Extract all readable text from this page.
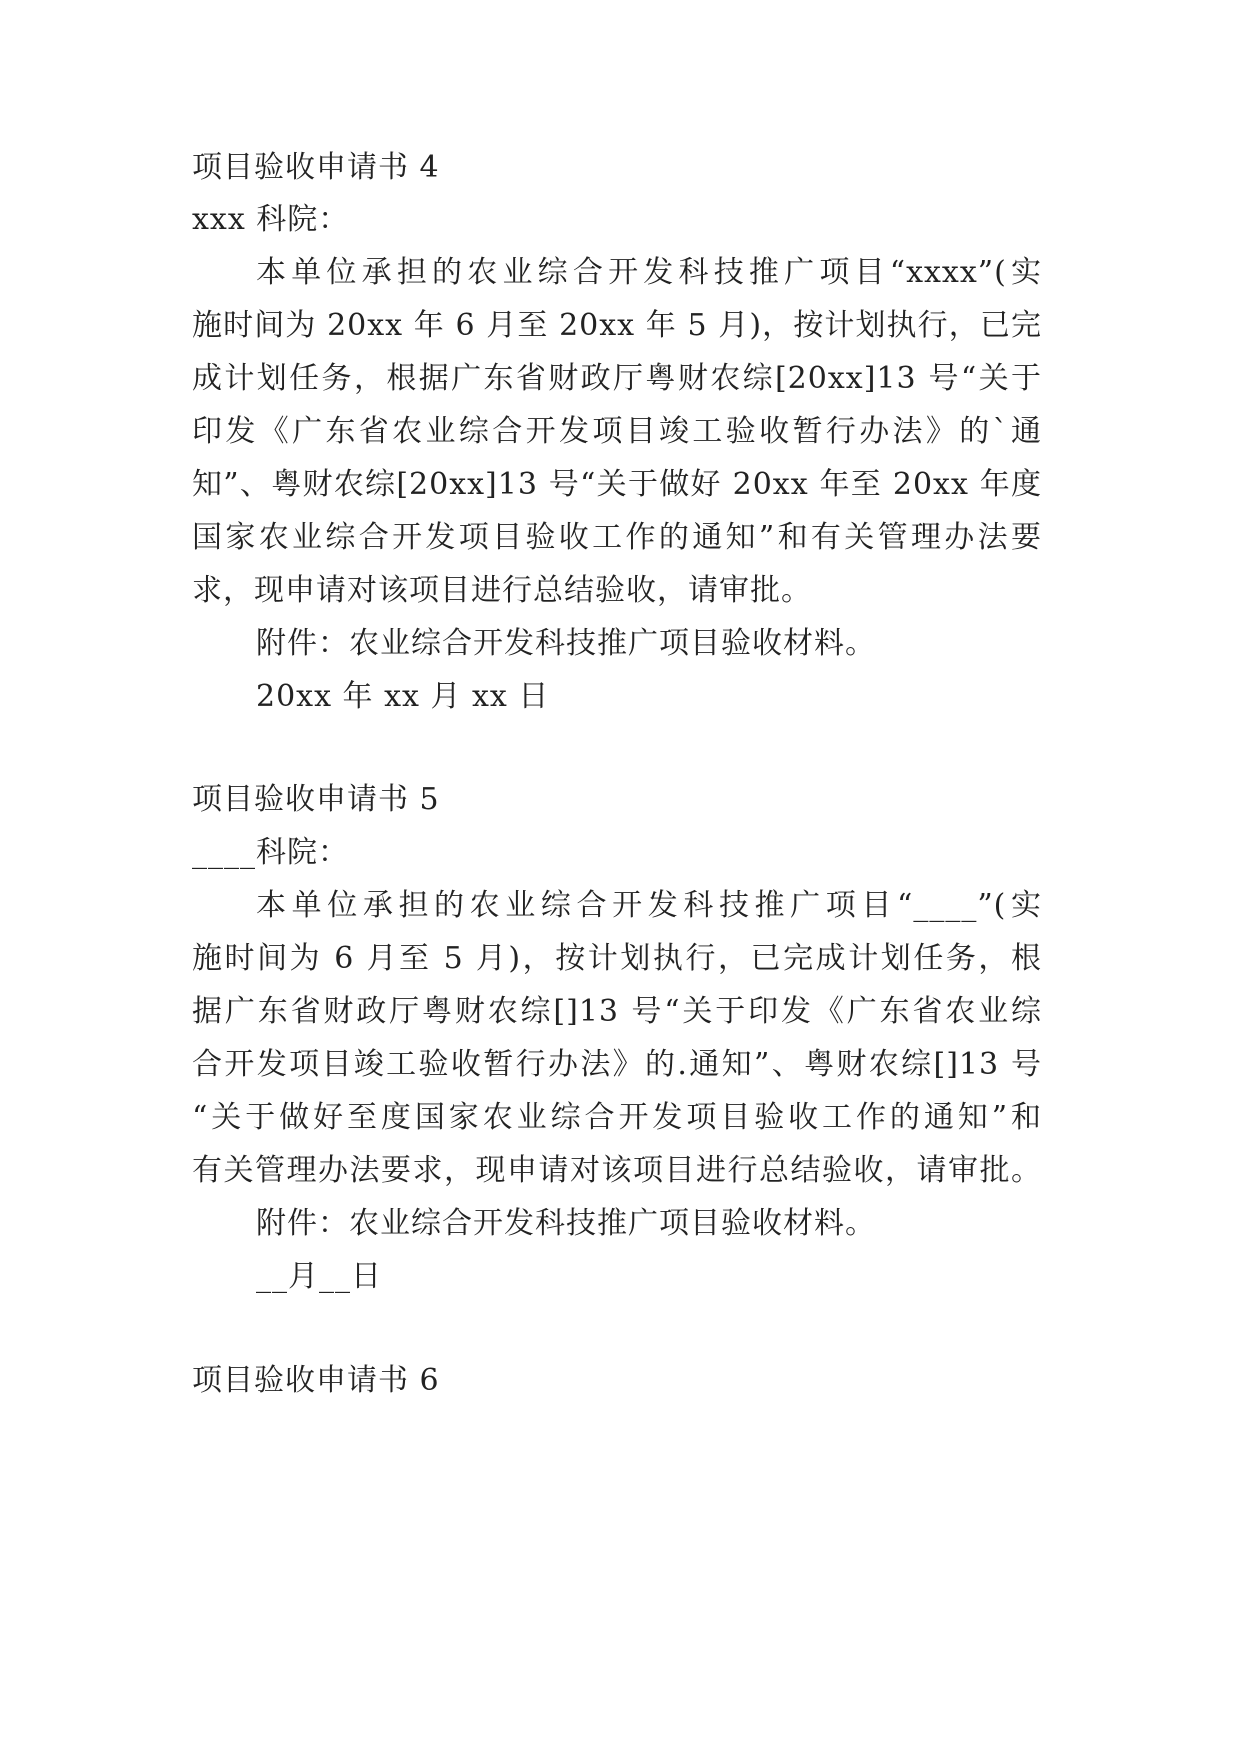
项目验收申请书 4
xxx 科院：
本单位承担的农业综合开发科技推广项目“xxxx”(实
施时间为 20xx 年 6 月至 20xx 年 5 月)，按计划执行，已完
成计划任务，根据广东省财政厅粤财农综[20xx]13 号“关于
印发《广东省农业综合开发项目竣工验收暂行办法》的`通
知”、粤财农综[20xx]13 号“关于做好 20xx 年至 20xx 年度
国家农业综合开发项目验收工作的通知”和有关管理办法要
求，现申请对该项目进行总结验收，请审批。
附件：农业综合开发科技推广项目验收材料。
20xx 年 xx 月 xx 日
项目验收申请书 5
____科院：
本单位承担的农业综合开发科技推广项目“____”(实
施时间为 6 月至 5 月)，按计划执行，已完成计划任务，根
据广东省财政厅粤财农综[]13 号“关于印发《广东省农业综
合开发项目竣工验收暂行办法》的.通知”、粤财农综[]13 号
“关于做好至度国家农业综合开发项目验收工作的通知”和
有关管理办法要求，现申请对该项目进行总结验收，请审批。
附件：农业综合开发科技推广项目验收材料。
__月__日
项目验收申请书 6
